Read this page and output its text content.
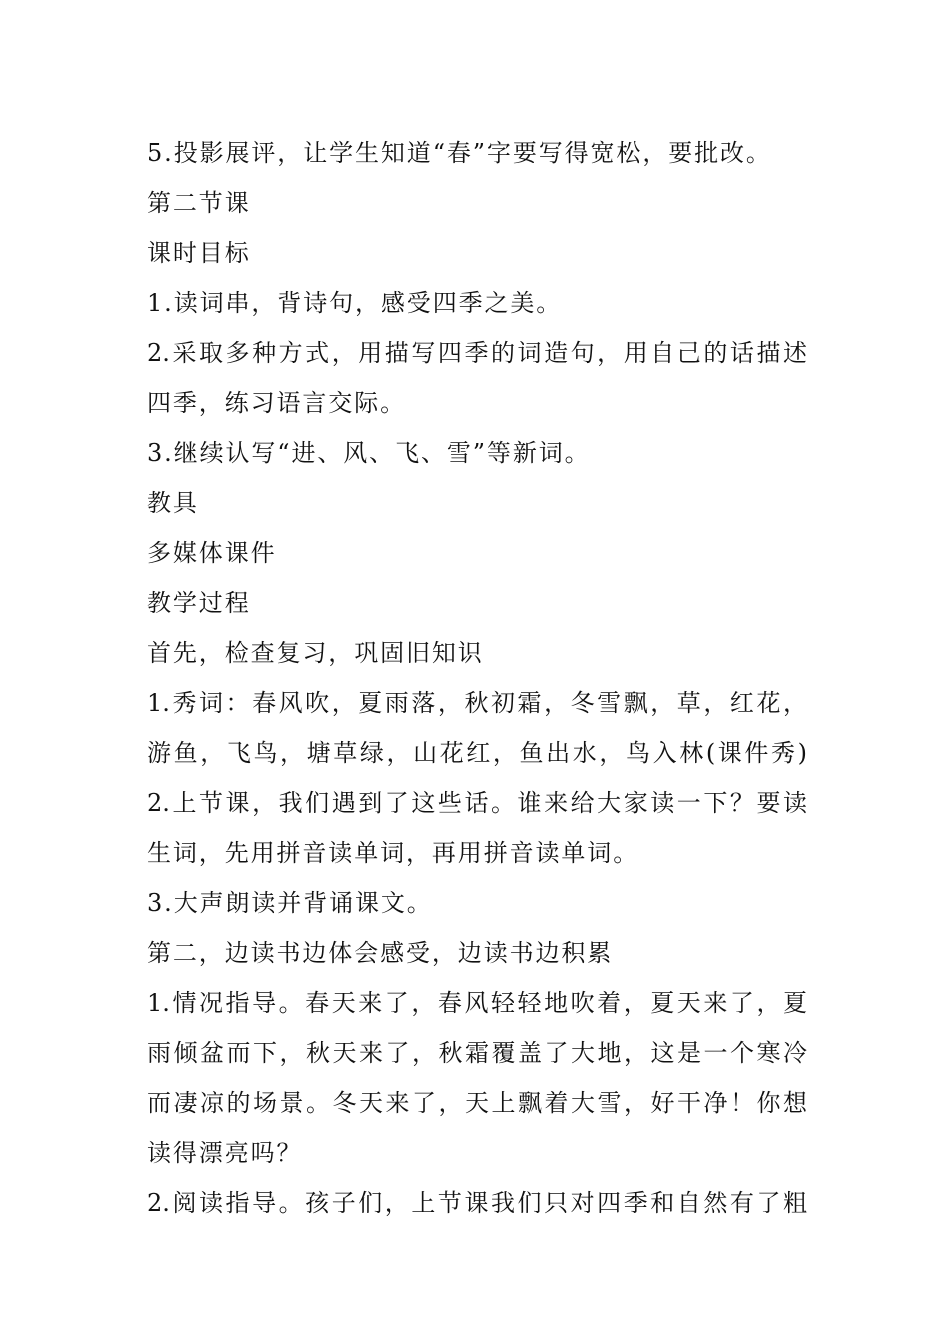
5.投影展评，让学生知道“春”字要写得宽松，要批改。
第二节课
课时目标
1.读词串，背诗句，感受四季之美。
2.采取多种方式，用描写四季的词造句，用自己的话描述
四季，练习语言交际。
3.继续认写“进、风、飞、雪”等新词。
教具
多媒体课件
教学过程
首先，检查复习，巩固旧知识
1.秀词：春风吹，夏雨落，秋初霜，冬雪飘，草，红花，
游鱼，飞鸟，塘草绿，山花红，鱼出水，鸟入林(课件秀)
2.上节课，我们遇到了这些话。谁来给大家读一下？要读
生词，先用拼音读单词，再用拼音读单词。
3.大声朗读并背诵课文。
第二，边读书边体会感受，边读书边积累
1.情况指导。春天来了，春风轻轻地吹着，夏天来了，夏
雨倾盆而下，秋天来了，秋霜覆盖了大地，这是一个寒冷
而凄凉的场景。冬天来了，天上飘着大雪，好干净！你想
读得漂亮吗？
2.阅读指导。孩子们，上节课我们只对四季和自然有了粗
